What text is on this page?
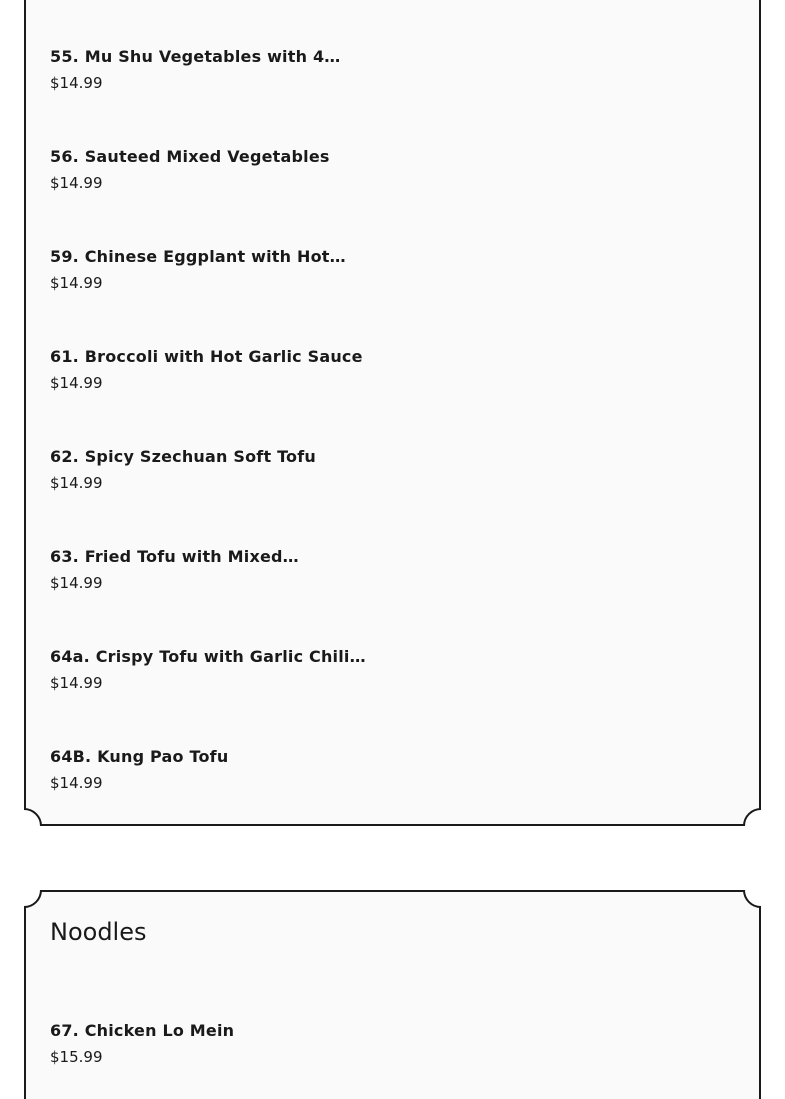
55. Mu Shu Vegetables with 4…
$14.99
56. Sauteed Mixed Vegetables
$14.99
59. Chinese Eggplant with Hot…
$14.99
61. Broccoli with Hot Garlic Sauce
$14.99
62. Spicy Szechuan Soft Tofu
$14.99
63. Fried Tofu with Mixed…
$14.99
64a. Crispy Tofu with Garlic Chili…
$14.99
64B. Kung Pao Tofu
$14.99
Noodles
67. Chicken Lo Mein
$15.99
